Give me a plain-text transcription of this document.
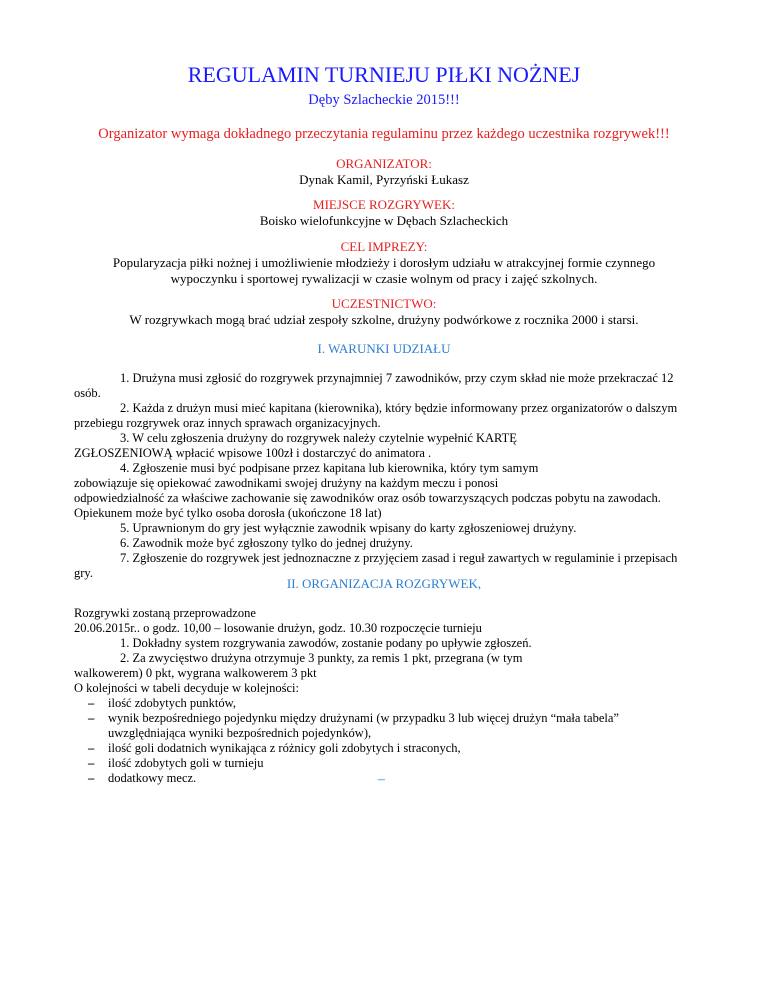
REGULAMIN TURNIEJU PIŁKI NOŻNEJ
Dęby Szlacheckie 2015!!!
Organizator wymaga dokładnego przeczytania regulaminu przez każdego uczestnika rozgrywek!!!
ORGANIZATOR:
Dynak Kamil, Pyrzyński Łukasz
MIEJSCE ROZGRYWEK:
Boisko wielofunkcyjne w Dębach Szlacheckich
CEL IMPREZY:
Popularyzacja piłki nożnej i umożliwienie młodzieży i dorosłym udziału w atrakcyjnej formie czynnego
wypoczynku i sportowej rywalizacji w czasie wolnym od pracy i zajęć szkolnych.
UCZESTNICTWO:
W rozgrywkach mogą brać udział zespoły szkolne, drużyny podwórkowe z rocznika 2000 i starsi.
I. WARUNKI UDZIAŁU

1. Drużyna musi zgłosić do rozgrywek przynajmniej 7 zawodników, przy czym skład nie może przekraczać 12

osób.

2. Każda z drużyn musi mieć kapitana (kierownika), który będzie informowany przez organizatorów o dalszym

przebiegu rozgrywek oraz innych sprawach organizacyjnych.

3. W celu zgłoszenia drużyny do rozgrywek należy czytelnie wypełnić KARTĘ

ZGŁOSZENIOWĄ wpłacić wpisowe 100zł i dostarczyć do animatora .

4. Zgłoszenie musi być podpisane przez kapitana lub kierownika, który tym samym

zobowiązuje się opiekować zawodnikami swojej drużyny na każdym meczu i ponosi

odpowiedzialność za właściwe zachowanie się zawodników oraz osób towarzyszących podczas pobytu na zawodach.

Opiekunem może być tylko osoba dorosła (ukończone 18 lat)

5. Uprawnionym do gry jest wyłącznie zawodnik wpisany do karty zgłoszeniowej drużyny.

6. Zawodnik może być zgłoszony tylko do jednej drużyny.

7. Zgłoszenie do rozgrywek jest jednoznaczne z przyjęciem zasad i reguł zawartych w regulaminie i przepisach

gry.

II. ORGANIZACJA ROZGRYWEK,

Rozgrywki zostaną przeprowadzone

20.06.2015r.. o godz. 10,00 – losowanie drużyn, godz. 10.30 rozpoczęcie turnieju

1. Dokładny system rozgrywania zawodów, zostanie podany po upływie zgłoszeń.

2. Za zwycięstwo drużyna otrzymuje 3 punkty, za remis 1 pkt, przegrana (w tym

walkowerem) 0 pkt, wygrana walkowerem 3 pkt

O kolejności w tabeli decyduje w kolejności:

– ilość zdobytych punktów,
– wynik bezpośredniego pojedynku między drużynami (w przypadku 3 lub więcej drużyn “mała tabela”
uwzględniająca wyniki bezpośrednich pojedynków),
– ilość goli dodatnich wynikająca z różnicy goli zdobytych i straconych,
– ilość zdobytych goli w turnieju
– dodatkowy mecz.	–
